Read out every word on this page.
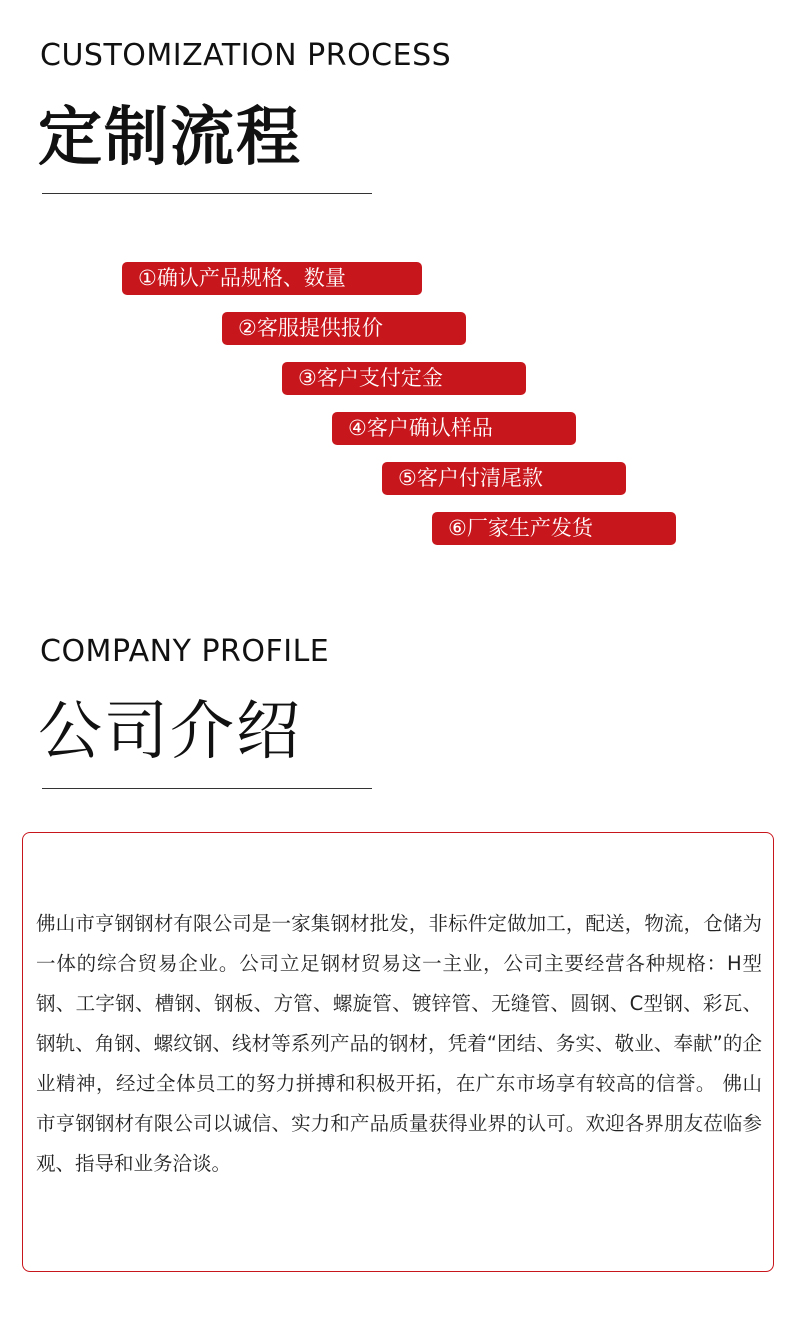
CUSTOMIZATION PROCESS
定制流程
①确认产品规格、数量
②客服提供报价
③客户支付定金
④客户确认样品
⑤客户付清尾款
⑥厂家生产发货
COMPANY PROFILE
公司介绍
佛山市亨钢钢材有限公司是一家集钢材批发，非标件定做加工，配送，物流，仓储为一体的综合贸易企业。公司立足钢材贸易这一主业，公司主要经营各种规格：H型钢、工字钢、槽钢、钢板、方管、螺旋管、镀锌管、无缝管、圆钢、C型钢、彩瓦、钢轨、角钢、螺纹钢、线材等系列产品的钢材，凭着“团结、务实、敬业、奉献”的企业精神，经过全体员工的努力拼搏和积极开拓，在广东市场享有较高的信誉。 佛山市亨钢钢材有限公司以诚信、实力和产品质量获得业界的认可。欢迎各界朋友莅临参观、指导和业务洽谈。
